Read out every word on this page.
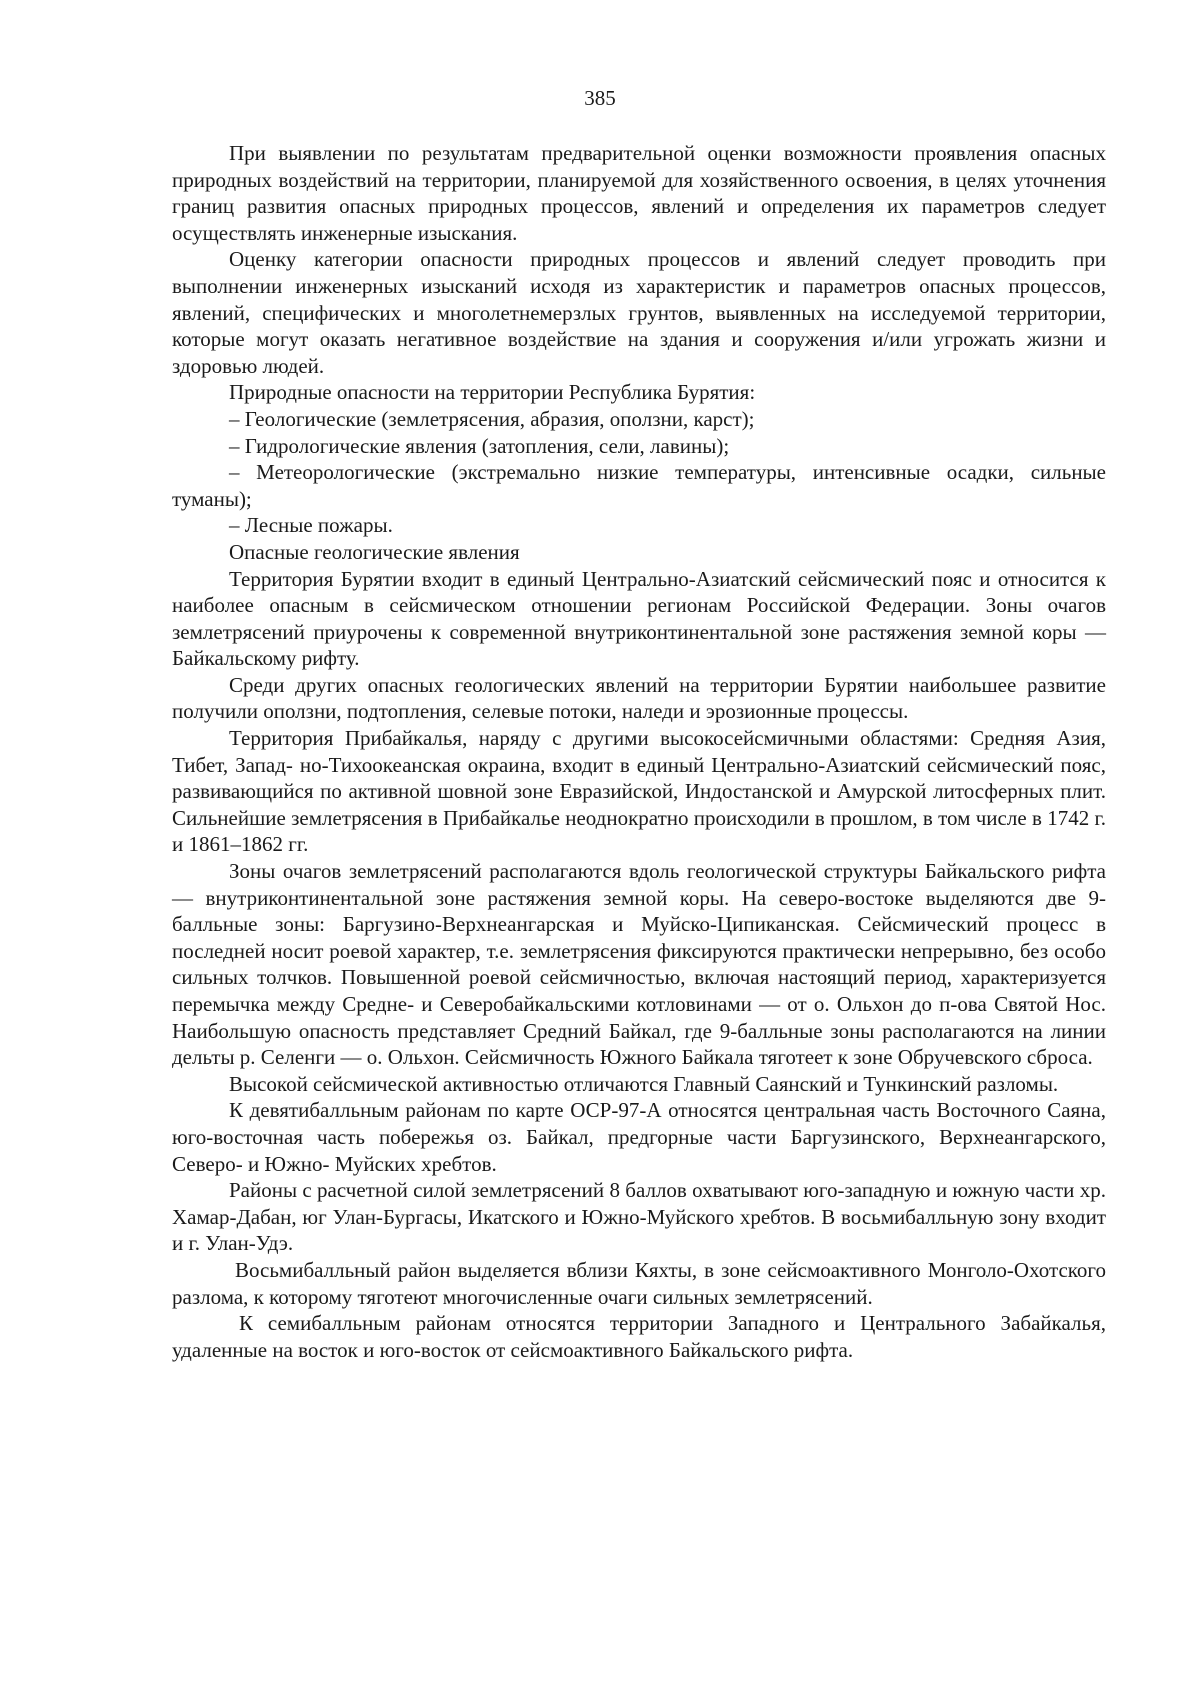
385

При выявлении по результатам предварительной оценки возможности проявления опасных природных воздействий на территории, планируемой для хозяйственного освоения, в целях уточнения границ развития опасных природных процессов, явлений и определения их параметров следует осуществлять инженерные изыскания.

Оценку категории опасности природных процессов и явлений следует проводить при выполнении инженерных изысканий исходя из характеристик и параметров опасных процессов, явлений, специфических и многолетнемерзлых грунтов, выявленных на исследуемой территории, которые могут оказать негативное воздействие на здания и сооружения и/или угрожать жизни и здоровью людей.

Природные опасности на территории Республика Бурятия:

– Геологические (землетрясения, абразия, оползни, карст);

– Гидрологические явления (затопления, сели, лавины);

– Метеорологические (экстремально низкие температуры, интенсивные осадки, сильные туманы);

– Лесные пожары.

Опасные геологические явления

Территория Бурятии входит в единый Центрально-Азиатский сейсмический пояс и относится к наиболее опасным в сейсмическом отношении регионам Российской Федерации. Зоны очагов землетрясений приурочены к современной внутриконтинентальной зоне растяжения земной коры — Байкальскому рифту.

Среди других опасных геологических явлений на территории Бурятии наибольшее развитие получили оползни, подтопления, селевые потоки, наледи и эрозионные процессы.

Территория Прибайкалья, наряду с другими высокосейсмичными областями: Средняя Азия, Тибет, Запад- но-Тихоокеанская окраина, входит в единый Центрально-Азиатский сейсмический пояс, развивающийся по активной шовной зоне Евразийской, Индостанской и Амурской литосферных плит. Сильнейшие землетрясения в Прибайкалье неоднократно происходили в прошлом, в том числе в 1742 г. и 1861–1862 гг.

Зоны очагов землетрясений располагаются вдоль геологической структуры Байкальского рифта — внутриконтинентальной зоне растяжения земной коры. На северо-востоке выделяются две 9-балльные зоны: Баргузино-Верхнеангарская и Муйско-Ципиканская. Сейсмический процесс в последней носит роевой характер, т.е. землетрясения фиксируются практически непрерывно, без особо сильных толчков. Повышенной роевой сейсмичностью, включая настоящий период, характеризуется перемычка между Средне- и Северобайкальскими котловинами — от о. Ольхон до п-ова Святой Нос. Наибольшую опасность представляет Средний Байкал, где 9-балльные зоны располагаются на линии дельты р. Селенги — о. Ольхон. Сейсмичность Южного Байкала тяготеет к зоне Обручевского сброса.

Высокой сейсмической активностью отличаются Главный Саянский и Тункинский разломы.

К девятибалльным районам по карте ОСР-97-А относятся центральная часть Восточного Саяна, юго-восточная часть побережья оз. Байкал, предгорные части Баргузинского, Верхнеангарского, Северо- и Южно- Муйских хребтов.

Районы с расчетной силой землетрясений 8 баллов охватывают юго-западную и южную части хр. Хамар-Дабан, юг Улан-Бургасы, Икатского и Южно-Муйского хребтов. В восьмибалльную зону входит и г. Улан-Удэ.

Восьмибалльный район выделяется вблизи Кяхты, в зоне сейсмоактивного Монголо-Охотского разлома, к которому тяготеют многочисленные очаги сильных землетрясений.

К семибалльным районам относятся территории Западного и Центрального Забайкалья, удаленные на восток и юго-восток от сейсмоактивного Байкальского рифта.
